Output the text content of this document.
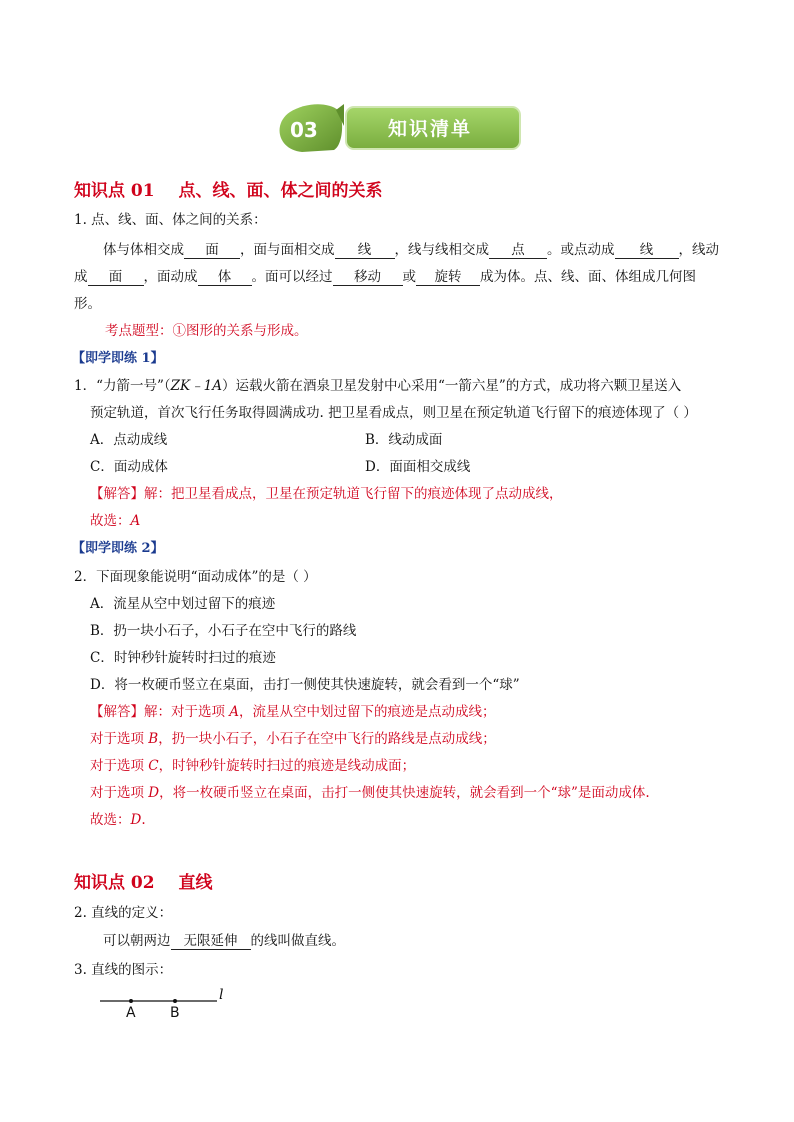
03	知识清单
知识点 01 点、线、面、体之间的关系
1. 点、线、面、体之间的关系：
体与体相交成 面 ，面与面相交成 线 ，线与线相交成 点 。或点动成 线 ，线动
成 面 ，面动成 体 。面可以经过 移动 或 旋转 成为体。点、线、面、体组成几何图
形。
考点题型：①图形的关系与形成。
【即学即练 1】
1．“力箭一号”（ZK﹣1A）运载火箭在酒泉卫星发射中心采用“一箭六星”的方式，成功将六颗卫星送入
预定轨道，首次飞行任务取得圆满成功. 把卫星看成点，则卫星在预定轨道飞行留下的痕迹体现了（ ）
A．点动成线	B．线动成面
C．面动成体	D．面面相交成线
【解答】解：把卫星看成点，卫星在预定轨道飞行留下的痕迹体现了点动成线，
故选：A
【即学即练 2】
2．下面现象能说明“面动成体”的是（ ）
A．流星从空中划过留下的痕迹
B．扔一块小石子，小石子在空中飞行的路线
C．时钟秒针旋转时扫过的痕迹
D．将一枚硬币竖立在桌面，击打一侧使其快速旋转，就会看到一个“球”
【解答】解：对于选项 A，流星从空中划过留下的痕迹是点动成线；
对于选项 B，扔一块小石子，小石子在空中飞行的路线是点动成线；
对于选项 C，时钟秒针旋转时扫过的痕迹是线动成面；
对于选项 D，将一枚硬币竖立在桌面，击打一侧使其快速旋转，就会看到一个“球”是面动成体.
故选：D.
知识点 02 直线
2. 直线的定义：
可以朝两边 无限延伸 的线叫做直线。
3. 直线的图示：
l
A B
